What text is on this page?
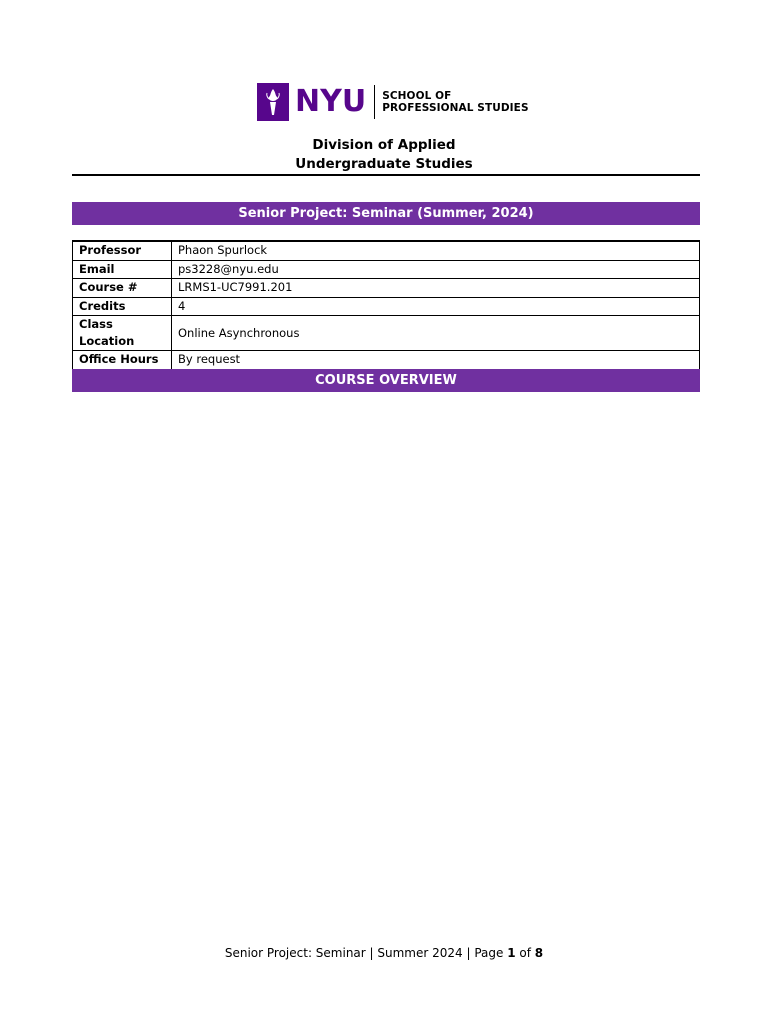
NYU SCHOOL OF
PROFESSIONAL STUDIES
Division of Applied
Undergraduate Studies
Senior Project: Seminar (Summer, 2024)
Professor	Phaon Spurlock
Email	ps3228@nyu.edu
Course #	LRMS1-UC7991.201
Credits	4
Class Location	Online Asynchronous
Office Hours	By request
COURSE OVERVIEW
Senior Project: Seminar | Summer 2024 | Page 1 of 8
